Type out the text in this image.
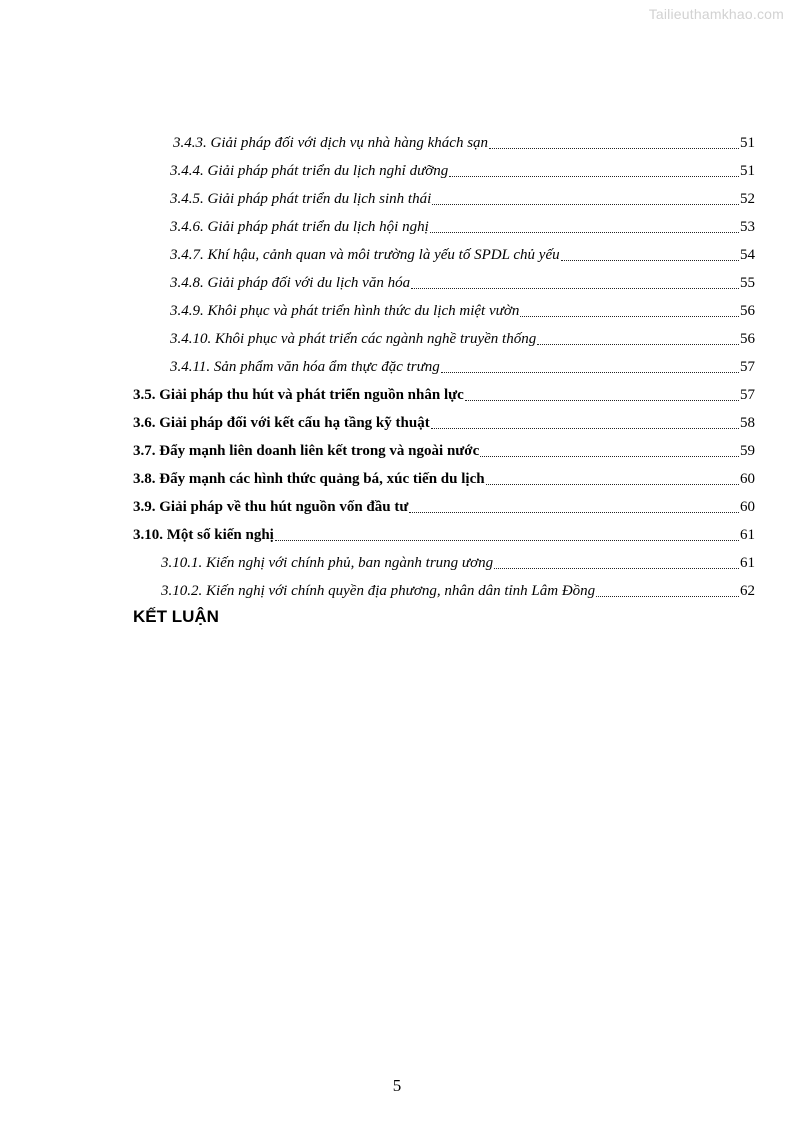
Tailieuthamkhao.com
3.4.3. Giải pháp đối với dịch vụ nhà hàng khách sạn	51
3.4.4. Giải pháp phát triển du lịch nghỉ dưỡng	51
3.4.5. Giải pháp phát triển du lịch sinh thái	52
3.4.6. Giải pháp phát triển du lịch hội nghị	53
3.4.7. Khí hậu, cảnh quan và môi trường là yếu tố SPDL chủ yếu	54
3.4.8. Giải pháp đối với du lịch văn hóa	55
3.4.9. Khôi phục và phát triển hình thức du lịch miệt vườn	56
3.4.10. Khôi phục và phát triển các ngành nghề truyền thống	56
3.4.11. Sản phẩm văn hóa ẩm thực đặc trưng	57
3.5. Giải pháp thu hút và phát triển nguồn nhân lực	57
3.6. Giải pháp đối với kết cấu hạ tầng kỹ thuật	58
3.7. Đẩy mạnh liên doanh liên kết trong và ngoài nước	59
3.8. Đẩy mạnh các hình thức quảng bá, xúc tiến du lịch	60
3.9. Giải pháp về thu hút nguồn vốn đầu tư	60
3.10. Một số kiến nghị	61
3.10.1. Kiến nghị với chính phủ, ban ngành trung ương	61
3.10.2. Kiến nghị với chính quyền địa phương, nhân dân tỉnh Lâm Đồng	62
KẾT LUẬN
5
